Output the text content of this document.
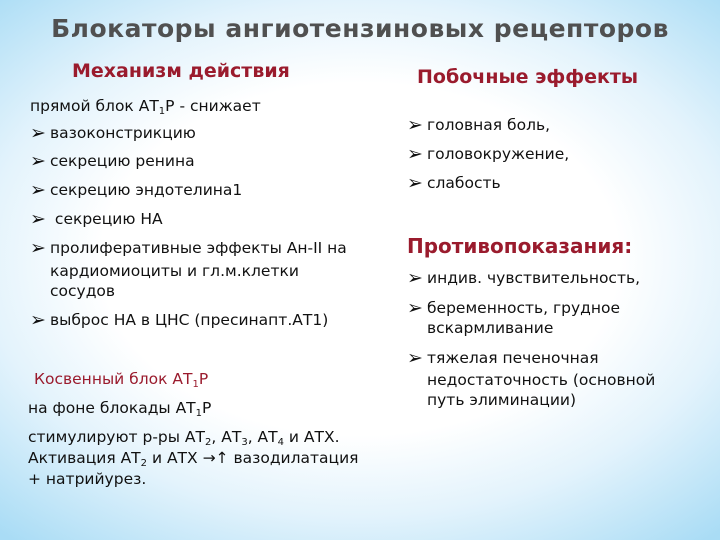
Блокаторы ангиотензиновых рецепторов
Механизм действия
прямой блок $АТ_1Р$ - снижает
➢ вазоконстрикцию
➢ секрецию ренина
➢ секрецию эндотелина1
➢ секрецию НА
➢ пролиферативные эффекты Ан-II на
кардиомиоциты и гл.м.клетки
сосудов
➢ выброс НА в ЦНС (пресинапт.АТ1)
Косвенный блок $АТ_1Р$
на фоне блокады $АТ_1Р$
стимулируют р-ры $АТ_2$, $АТ_3$, $АТ_4$ и АТХ.
Активация $АТ_2$ и АТХ →↑ вазодилатация
+ натрийурез.
Побочные эффекты
➢ головная боль,
➢ головокружение,
➢ слабость
Противопоказания:
➢ индив. чувствительность,
➢ беременность, грудное
вскармливание
➢ тяжелая печеночная
недостаточность (основной
путь элиминации)
